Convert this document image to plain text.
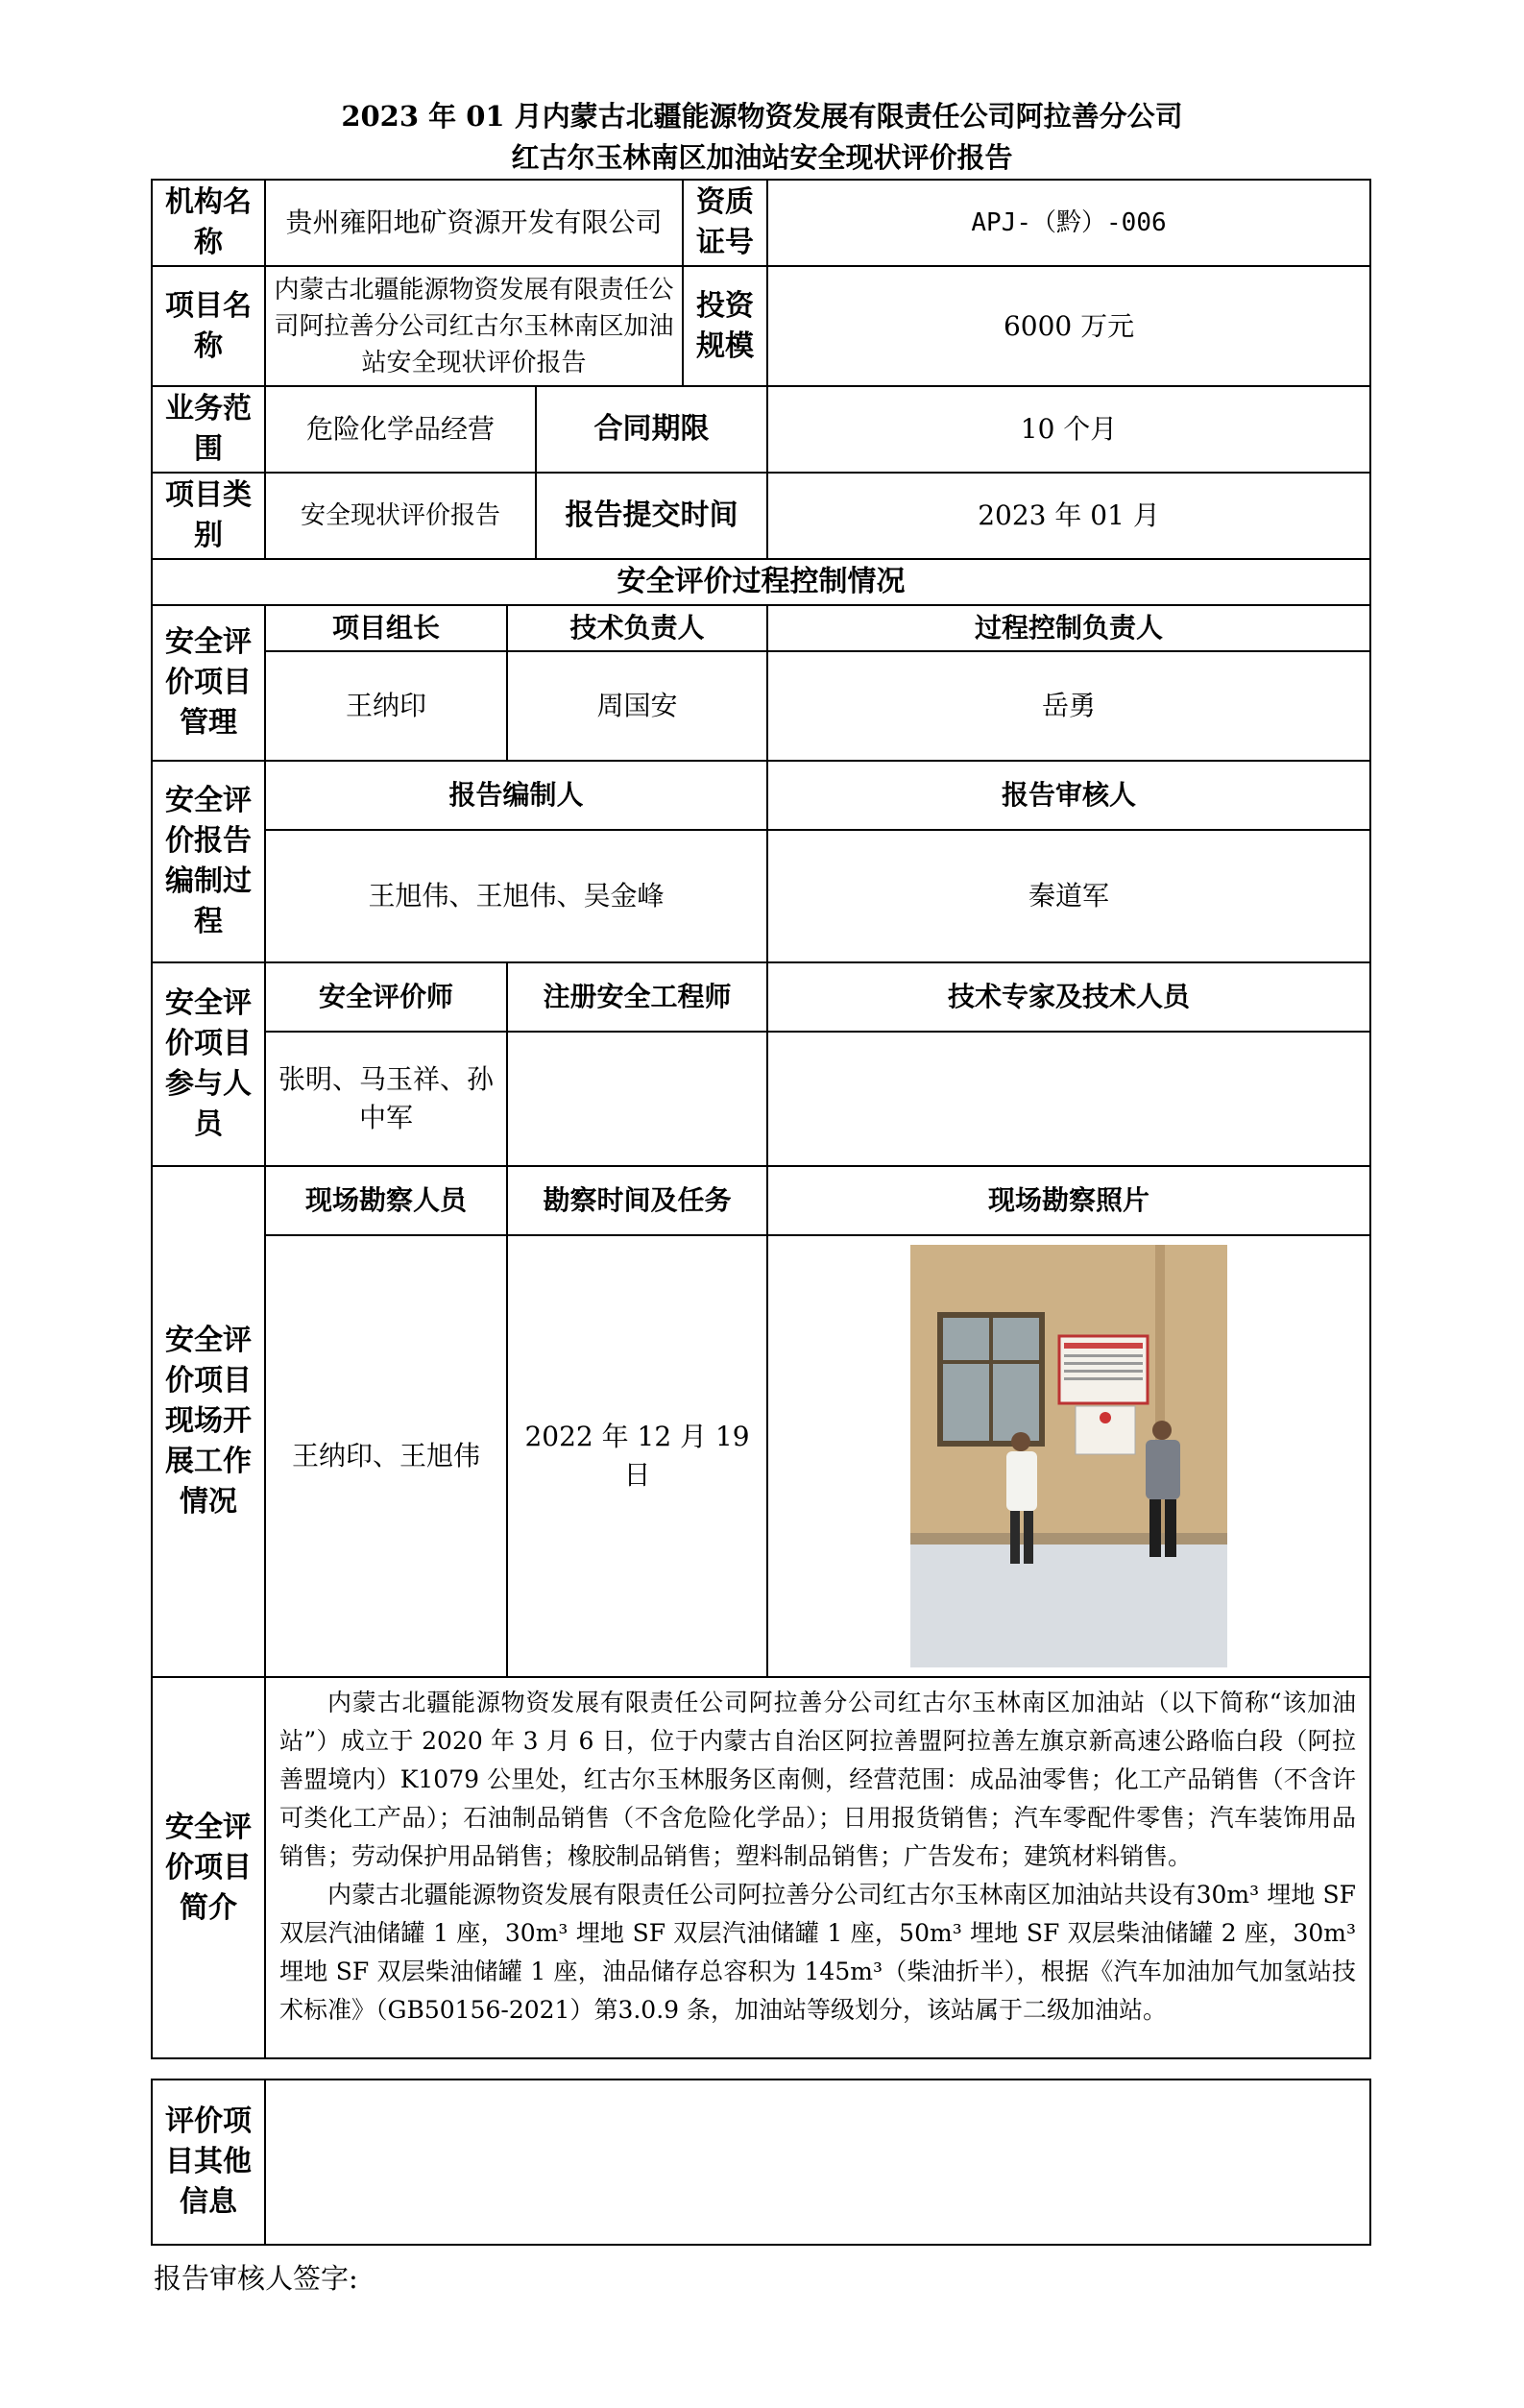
2023 年 01 月内蒙古北疆能源物资发展有限责任公司阿拉善分公司
红古尔玉林南区加油站安全现状评价报告
机构名称	贵州雍阳地矿资源开发有限公司			资质证号	APJ-（黔）-006
项目名称	内蒙古北疆能源物资发展有限责任公司阿拉善分公司红古尔玉林南区加油站安全现状评价报告			投资规模	6000 万元
业务范围	危险化学品经营		合同期限		10 个月
项目类别	安全现状评价报告		报告提交时间		2023 年 01 月
安全评价过程控制情况					
安全评价项目管理	项目组长	技术负责人			过程控制负责人
	王纳印	周国安			岳勇
安全评价报告编制过程	报告编制人				报告审核人
	王旭伟、王旭伟、吴金峰				秦道军
安全评价项目参与人员	安全评价师	注册安全工程师			技术专家及技术人员
	张明、马玉祥、孙中军				
安全评价项目现场开展工作情况	现场勘察人员	勘察时间及任务			现场勘察照片
	王纳印、王旭伟	2022 年 12 月 19 日	

安全评价项目简介	内蒙古北疆能源物资发展有限责任公司阿拉善分公司红古尔玉林南区加油站（以下简称“该加油站”）成立于 2020 年 3 月 6 日，位于内蒙古自治区阿拉善盟阿拉善左旗京新高速公路临白段（阿拉善盟境内）K1079 公里处，红古尔玉林服务区南侧，经营范围：成品油零售；化工产品销售（不含许可类化工产品）；石油制品销售（不含危险化学品）；日用报货销售；汽车零配件零售；汽车装饰用品销售；劳动保护用品销售；橡胶制品销售；塑料制品销售；广告发布；建筑材料销售。

内蒙古北疆能源物资发展有限责任公司阿拉善分公司红古尔玉林南区加油站共设有30m³ 埋地 SF 双层汽油储罐 1 座，30m³ 埋地 SF 双层汽油储罐 1 座，50m³ 埋地 SF 双层柴油储罐 2 座，30m³ 埋地 SF 双层柴油储罐 1 座，油品储存总容积为 145m³（柴油折半），根据《汽车加油加气加氢站技术标准》（GB50156-2021）第3.0.9 条，加油站等级划分，该站属于二级加油站。				

评价项目其他信息	
报告审核人签字:
